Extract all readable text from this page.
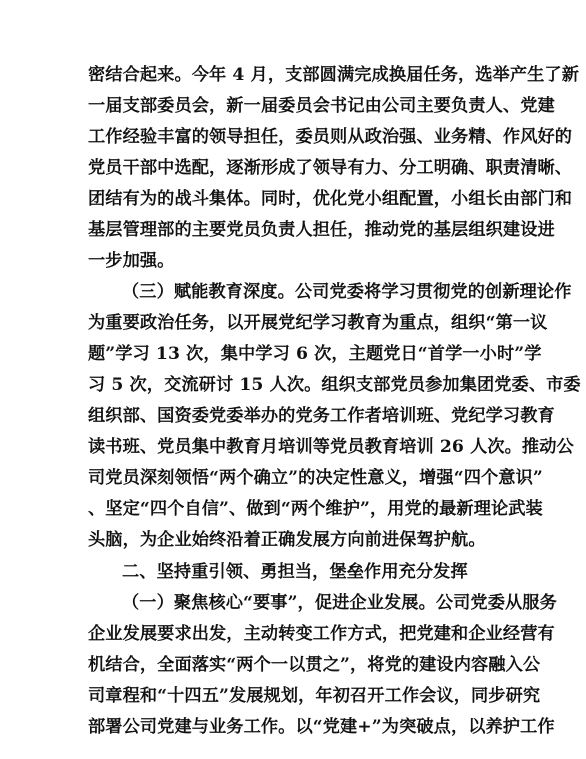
密结合起来。今年 4 月，支部圆满完成换届任务，选举产生了新
一届支部委员会，新一届委员会书记由公司主要负责人、党建
工作经验丰富的领导担任，委员则从政治强、业务精、作风好的
党员干部中选配，逐渐形成了领导有力、分工明确、职责清晰、
团结有为的战斗集体。同时，优化党小组配置，小组长由部门和
基层管理部的主要党员负责人担任，推动党的基层组织建设进
一步加强。
（三）赋能教育深度。公司党委将学习贯彻党的创新理论作
为重要政治任务，以开展党纪学习教育为重点，组织“第一议
题”学习 13 次，集中学习 6 次，主题党日“首学一小时”学
习 5 次，交流研讨 15 人次。组织支部党员参加集团党委、市委
组织部、国资委党委举办的党务工作者培训班、党纪学习教育
读书班、党员集中教育月培训等党员教育培训 26 人次。推动公
司党员深刻领悟“两个确立”的决定性意义，增强“四个意识”
、坚定“四个自信”、做到“两个维护”，用党的最新理论武装
头脑，为企业始终沿着正确发展方向前进保驾护航。
二、坚持重引领、勇担当，堡垒作用充分发挥
（一）聚焦核心“要事”，促进企业发展。公司党委从服务
企业发展要求出发，主动转变工作方式，把党建和企业经营有
机结合，全面落实“两个一以贯之”，将党的建设内容融入公
司章程和“十四五”发展规划，年初召开工作会议，同步研究
部署公司党建与业务工作。以“党建+”为突破点，以养护工作
